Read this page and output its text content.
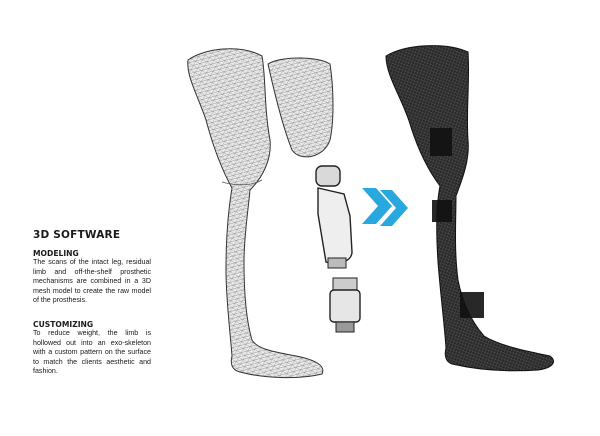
3D SOFTWARE

MODELING

The scans of the intact leg, residual limb and off-the-shelf prosthetic mechanisms are combined in a 3D mesh model to create the raw model of the prosthesis.

CUSTOMIZING

To reduce weight, the limb is hollowed out into an exo-skeleton with a custom pattern on the surface to match the clients aesthetic and fashion.
